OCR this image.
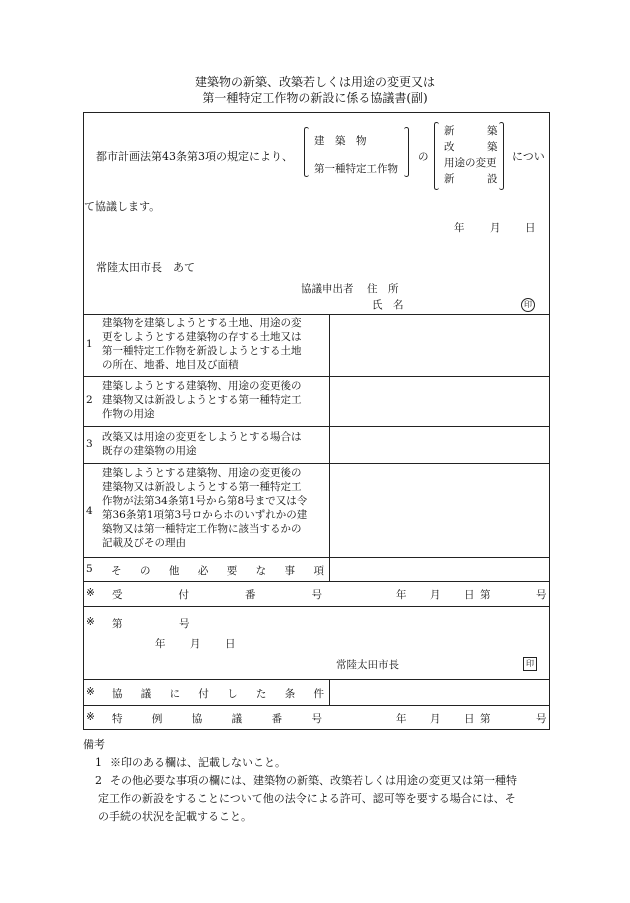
建築物の新築、改築若しくは用途の変更又は
第一種特定工作物の新設に係る協議書(副)
都市計画法第43条第3項の規定により、
建　築　物
第一種特定工作物
の
新	築
改	築
用途の変更
新	設
につい
て協議します。
年 月 日
常陸太田市長　あて
協議申出者 住　所
氏　名	印
1
建築物を建築しようとする土地、用途の変
更をしようとする建築物の存する土地又は
第一種特定工作物を新設しようとする土地
の所在、地番、地目及び面積
2
建築しようとする建築物、用途の変更後の
建築物又は新設しようとする第一種特定工
作物の用途
3
改築又は用途の変更をしようとする場合は
既存の建築物の用途
4
建築しようとする建築物、用途の変更後の
建築物又は新設しようとする第一種特定工
作物が法第34条第1号から第8号まで又は令
第36条第1項第3号ロからホのいずれかの建
築物又は第一種特定工作物に該当するかの
記載及びその理由
5 そ の 他 必 要 な 事 項
※ 受	付	番	号	年 月 日 第	号
※ 第	号
年 月 日
常陸太田市長	印
※ 協 議 に 付 し た 条 件
※ 特	例	協	議	番	号	年 月 日 第	号
備考
1 ※印のある欄は、記載しないこと。
2 その他必要な事項の欄には、建築物の新築、改築若しくは用途の変更又は第一種特
定工作の新設をすることについて他の法令による許可、認可等を要する場合には、そ
の手続の状況を記載すること。
